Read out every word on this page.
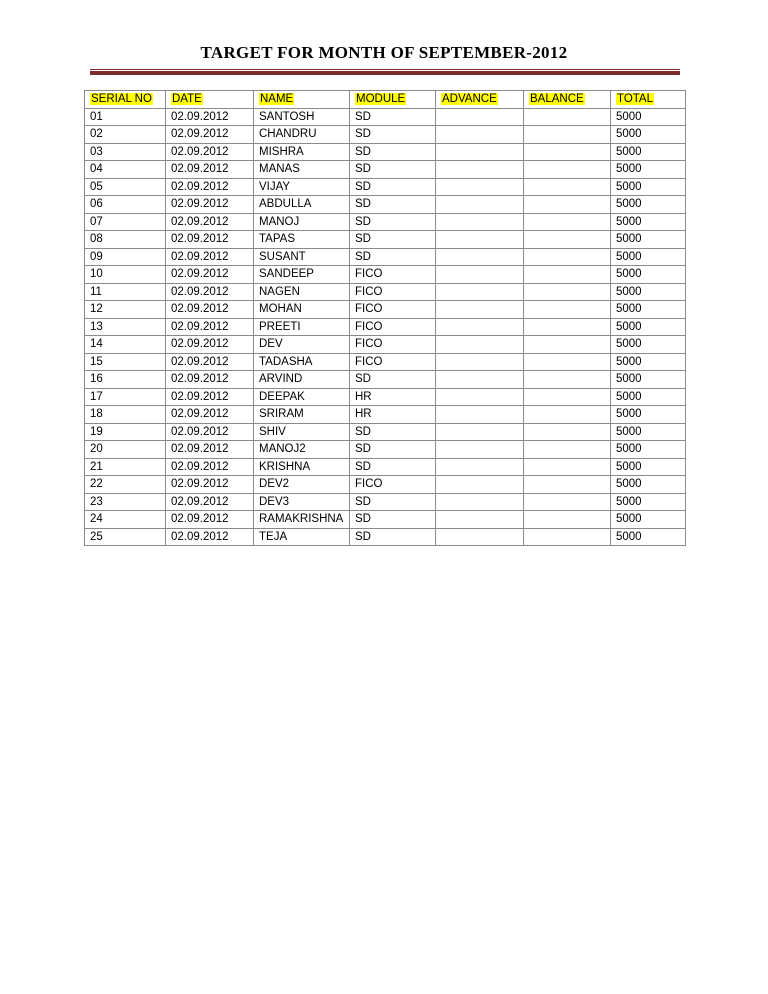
TARGET FOR MONTH OF SEPTEMBER-2012
SERIAL NO	DATE	NAME	MODULE	ADVANCE	BALANCE	TOTAL
01	02.09.2012	SANTOSH	SD			5000
02	02.09.2012	CHANDRU	SD			5000
03	02.09.2012	MISHRA	SD			5000
04	02.09.2012	MANAS	SD			5000
05	02.09.2012	VIJAY	SD			5000
06	02.09.2012	ABDULLA	SD			5000
07	02.09.2012	MANOJ	SD			5000
08	02.09.2012	TAPAS	SD			5000
09	02.09.2012	SUSANT	SD			5000
10	02.09.2012	SANDEEP	FICO			5000
11	02.09.2012	NAGEN	FICO			5000
12	02.09.2012	MOHAN	FICO			5000
13	02.09.2012	PREETI	FICO			5000
14	02.09.2012	DEV	FICO			5000
15	02.09.2012	TADASHA	FICO			5000
16	02.09.2012	ARVIND	SD			5000
17	02.09.2012	DEEPAK	HR			5000
18	02.09.2012	SRIRAM	HR			5000
19	02.09.2012	SHIV	SD			5000
20	02.09.2012	MANOJ2	SD			5000
21	02.09.2012	KRISHNA	SD			5000
22	02.09.2012	DEV2	FICO			5000
23	02.09.2012	DEV3	SD			5000
24	02.09.2012	RAMAKRISHNA	SD			5000
25	02.09.2012	TEJA	SD			5000
